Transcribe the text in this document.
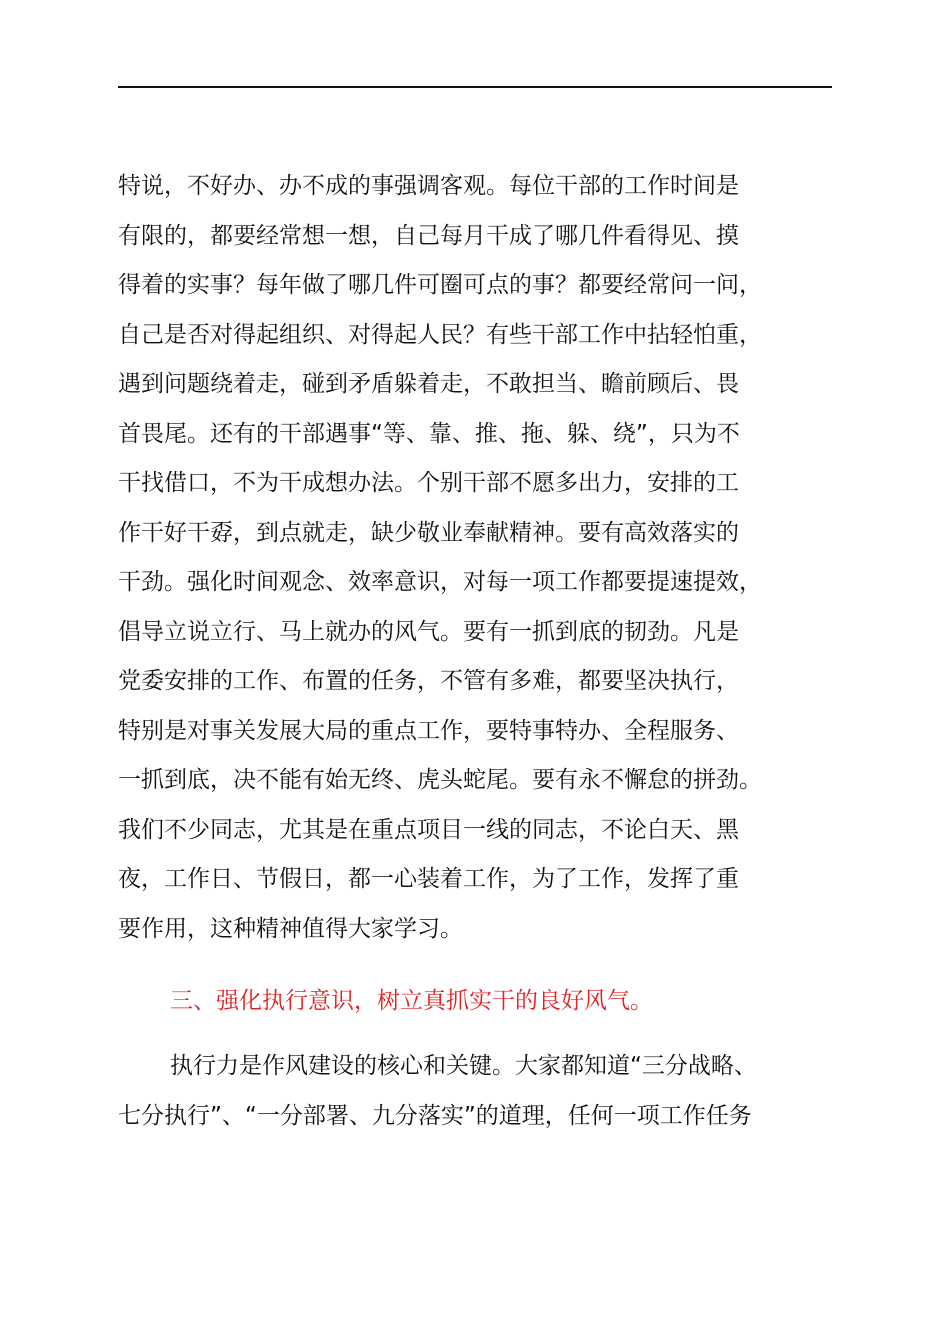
特说，不好办、办不成的事强调客观。每位干部的工作时间是
有限的，都要经常想一想，自己每月干成了哪几件看得见、摸
得着的实事？每年做了哪几件可圈可点的事？都要经常问一问，
自己是否对得起组织、对得起人民？有些干部工作中拈轻怕重，
遇到问题绕着走，碰到矛盾躲着走，不敢担当、瞻前顾后、畏
首畏尾。还有的干部遇事“等、靠、推、拖、躲、绕”，只为不
干找借口，不为干成想办法。个别干部不愿多出力，安排的工
作干好干孬，到点就走，缺少敬业奉献精神。要有高效落实的
干劲。强化时间观念、效率意识，对每一项工作都要提速提效，
倡导立说立行、马上就办的风气。要有一抓到底的韧劲。凡是
党委安排的工作、布置的任务，不管有多难，都要坚决执行，
特别是对事关发展大局的重点工作，要特事特办、全程服务、
一抓到底，决不能有始无终、虎头蛇尾。要有永不懈怠的拼劲。
我们不少同志，尤其是在重点项目一线的同志，不论白天、黑
夜，工作日、节假日，都一心装着工作，为了工作，发挥了重
要作用，这种精神值得大家学习。
三、强化执行意识，树立真抓实干的良好风气。
执行力是作风建设的核心和关键。大家都知道“三分战略、
七分执行”、“一分部署、九分落实”的道理，任何一项工作任务
